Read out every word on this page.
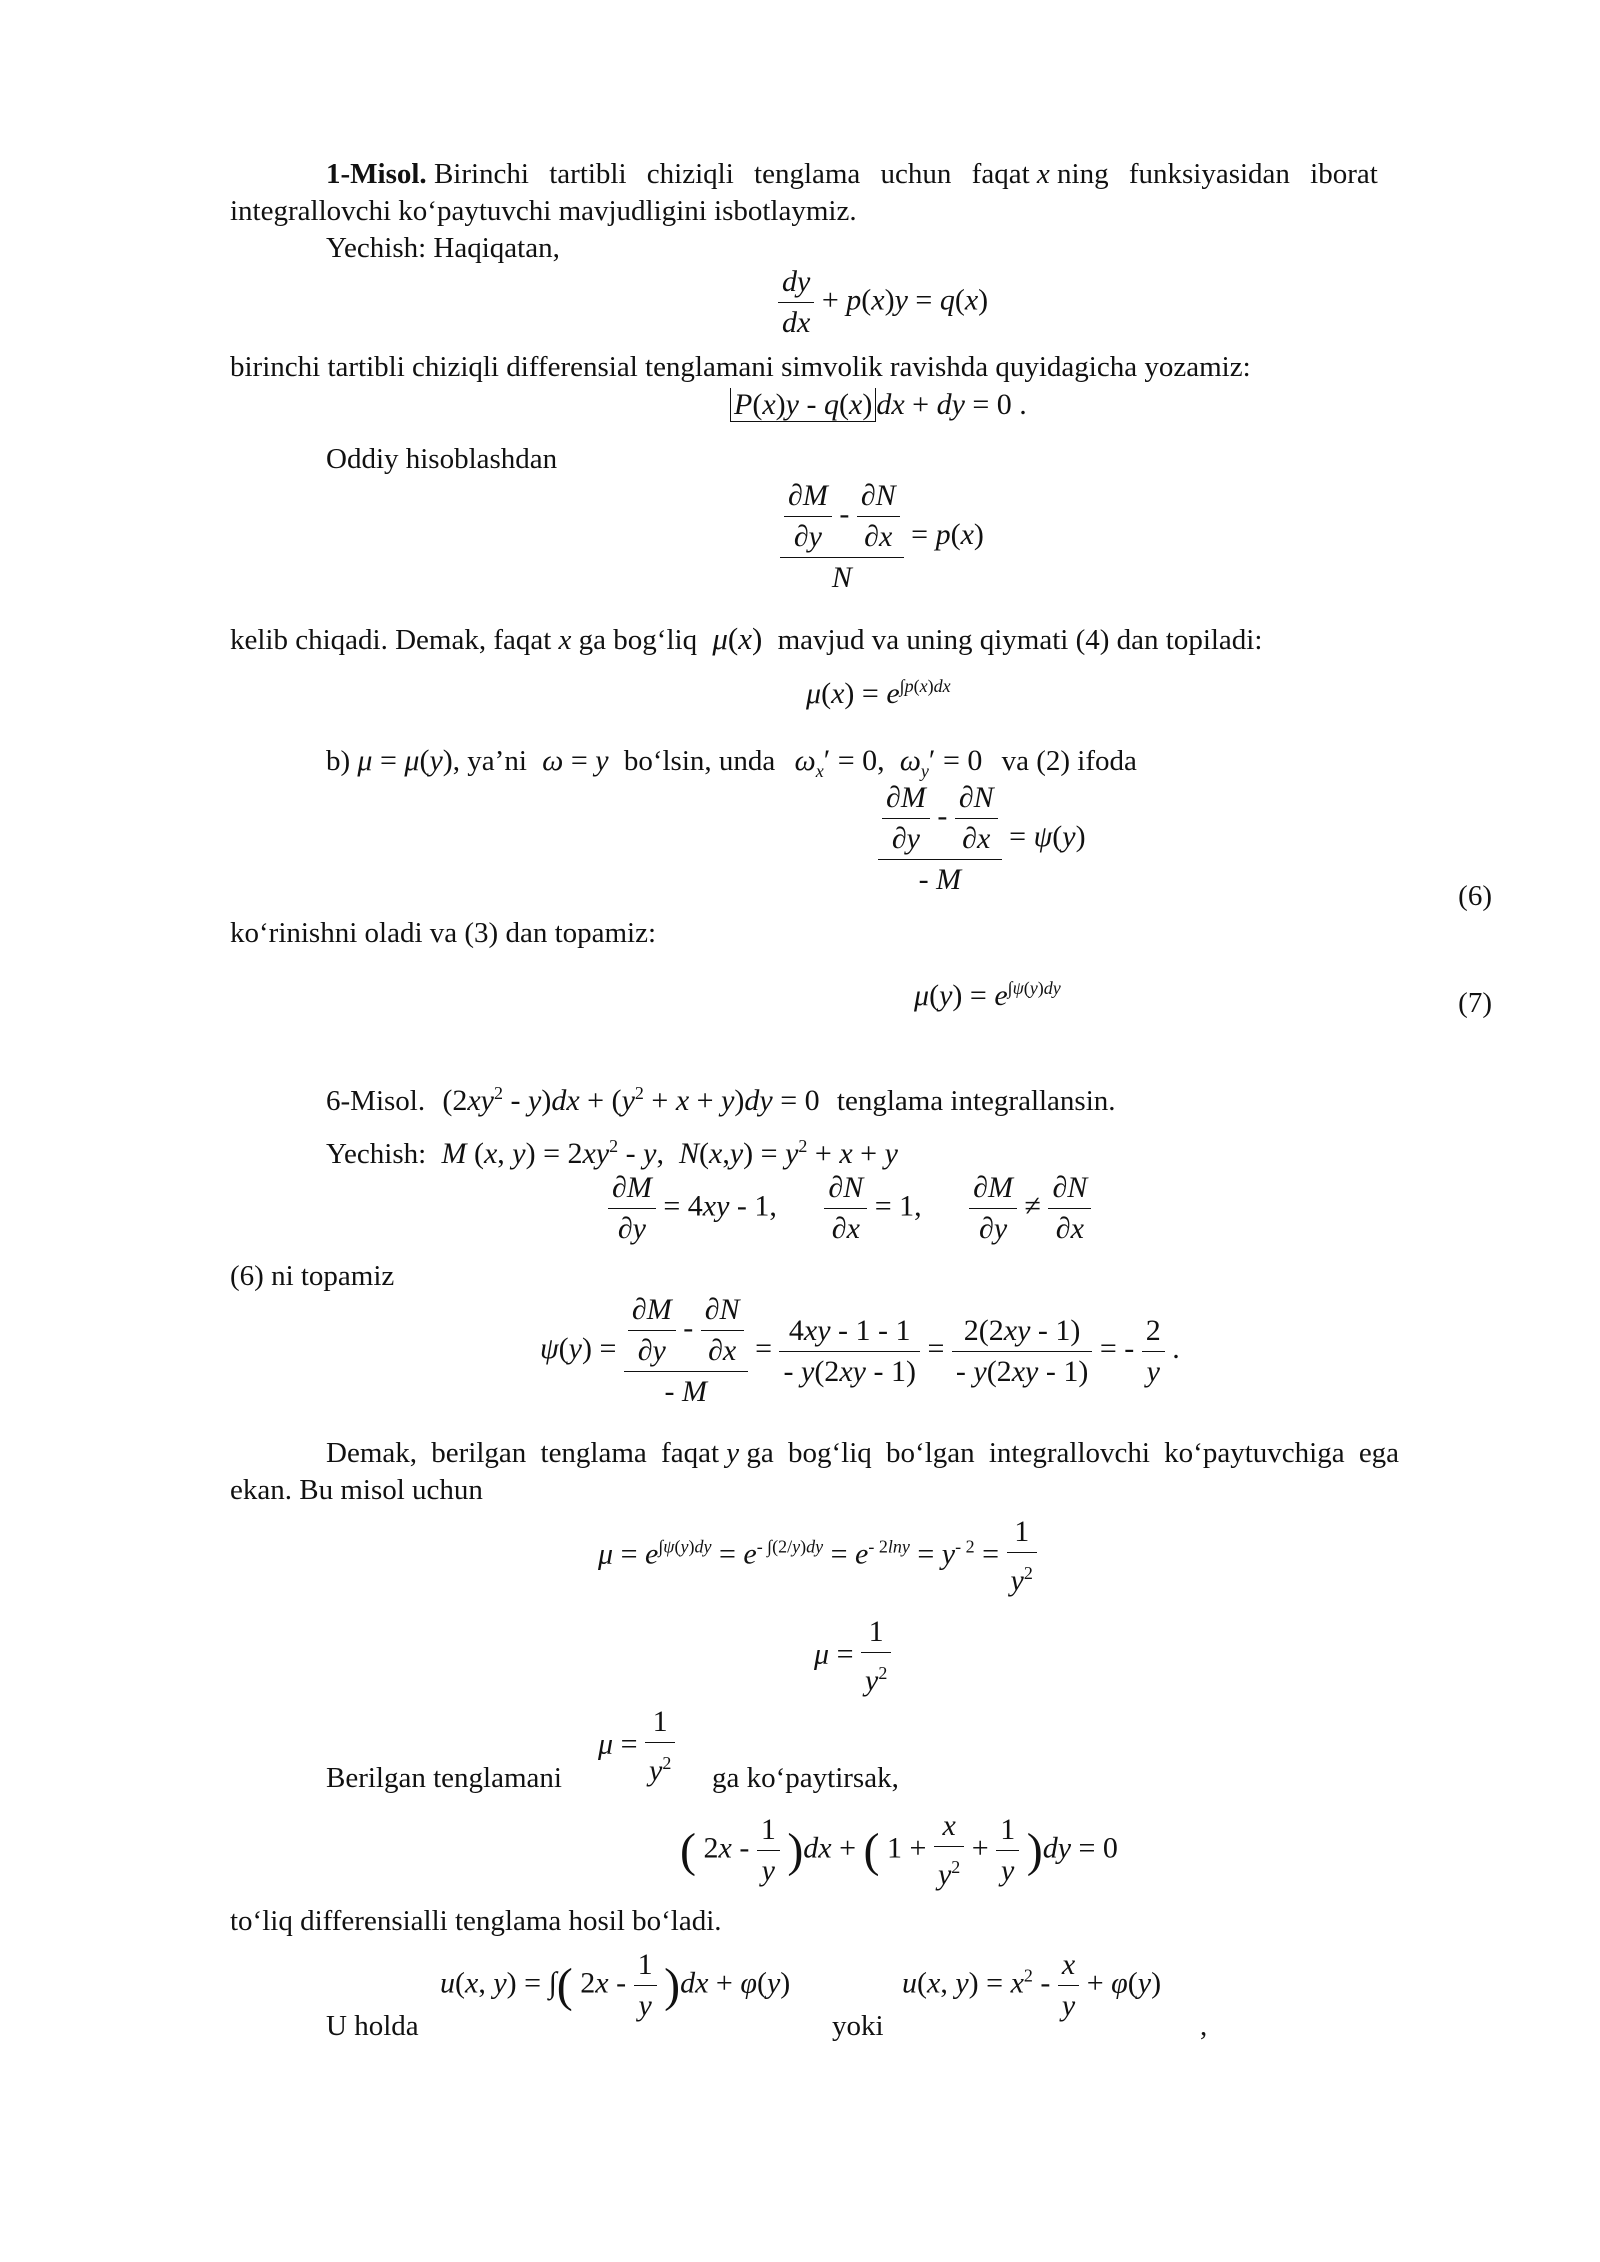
1-Misol. Birinchi tartibli chiziqli tenglama uchun faqat x ning funksiyasidan iborat
integrallovchi ko‘paytuvchi mavjudligini isbotlaymiz.
Yechish: Haqiqatan,
$\frac{dy}{dx} + p(x)y = q(x)$
birinchi tartibli chiziqli differensial tenglamani simvolik ravishda quyidagicha yozamiz:
P(x)y - q(x) dx + dy = 0 .
Oddiy hisoblashdan
$\frac{\frac{\partial M}{\partial y} - \frac{\partial N}{\partial x}}{N} = p(x)$
kelib chiqadi. Demak, faqat x ga bog‘liq μ(x) mavjud va uning qiymati (4) dan topiladi:
$\mu(x) = e^{\int p(x)dx}$
b) μ = μ(y), ya’ni ω = y bo‘lsin, unda $\omega_x' = 0$,  $\omega_y' = 0$ va (2) ifoda
$\frac{\frac{\partial M}{\partial y} - \frac{\partial N}{\partial x}}{- M} = \psi(y)$
(6)
ko‘rinishni oladi va (3) dan topamiz:
$\mu(y) = e^{\int\psi(y)dy}$	(7)
6-Misol. $(2xy^2 - y)dx + (y^2 + x + y)dy = 0$ tenglama integrallansin.
Yechish: M (x, $y) = 2xy^2 - y$,  $N(x,y) = y^2 + x + y$
$\frac{\partial M}{\partial y} = 4xy - 1$, $\frac{\partial N}{\partial x} = 1$, $\frac{\partial M}{\partial y} \ne \frac{\partial N}{\partial x}$
(6) ni topamiz
$\psi(y) = \frac{\frac{\partial M}{\partial y} - \frac{\partial N}{\partial x}}{- M} = \frac{4xy - 1 - 1}{- y(2xy - 1)} = \frac{2(2xy - 1)}{- y(2xy - 1)}$ = - $\frac{2}{y}$ .
Demak, berilgan tenglama faqat y ga bog‘liq bo‘lgan integrallovchi ko‘paytuvchiga ega
ekan. Bu misol uchun
$\mu = e^{\int\psi(y)dy} = e^{- \int(2/y)dy} = e^{- 2lny} = y^{- 2} = \frac{1}{y^2}$
$\mu = \frac{1}{y^2}$
$\mu = \frac{1}{y^2}$
Berilgan tenglamani	ga ko‘paytirsak,
( $2x - \frac{1}{y} )dx$ + ( $1 + \frac{x}{y^2} + \frac{1}{y} )dy = 0$
to‘liq differensialli tenglama hosil bo‘ladi.
u(x, y) = ∫( $2x - \frac{1}{y} )dx + \varphi(y)$
U holda	yoki
u(x, $y) = x^2 - \frac{x}{y} + \varphi(y)$
,
